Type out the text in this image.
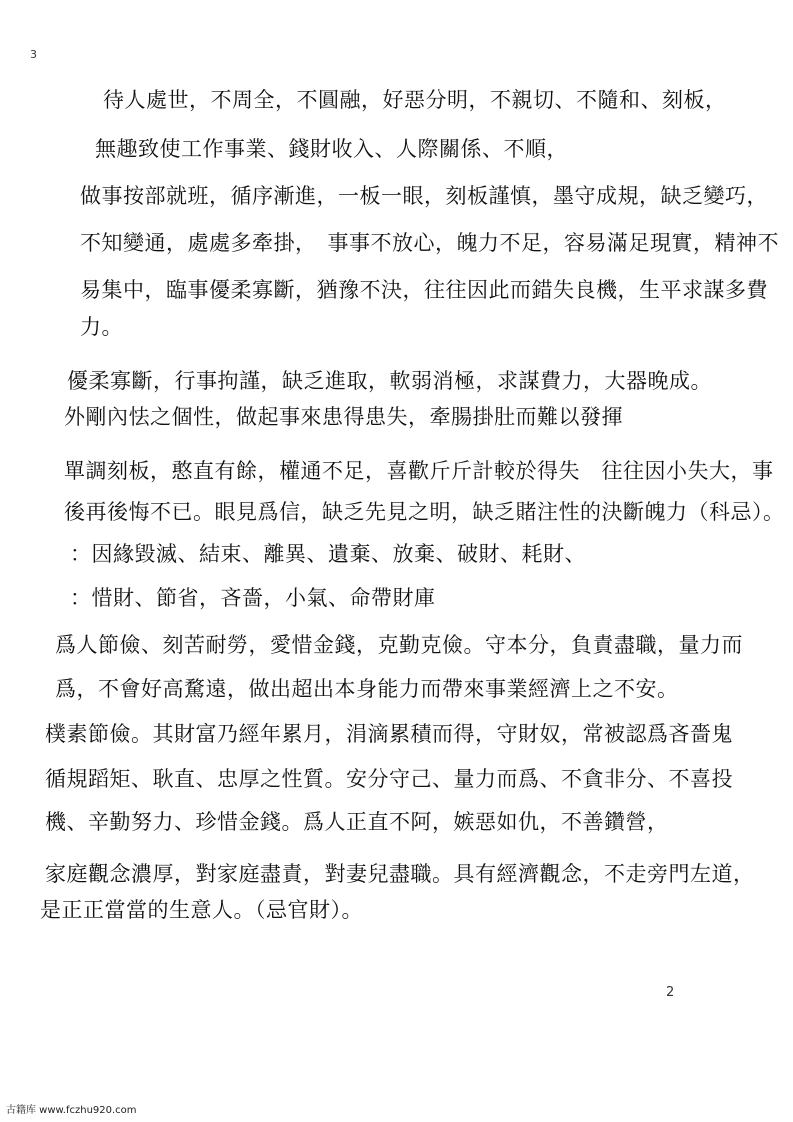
3
待人處世，不周全，不圓融，好惡分明，不親切、不隨和、刻板，
無趣致使工作事業、錢財收入、人際關係、不順，
做事按部就班，循序漸進，一板一眼，刻板謹慎，墨守成規，缺乏變巧，
不知變通，處處多牽掛，　事事不放心，魄力不足，容易滿足現實，精神不
易集中，臨事優柔寡斷，猶豫不決，往往因此而錯失良機，生平求謀多費
力。
優柔寡斷，行事拘謹，缺乏進取，軟弱消極，求謀費力，大器晚成。
外剛內怯之個性，做起事來患得患失，牽腸掛肚而難以發揮
單調刻板，憨直有餘，權通不足，喜歡斤斤計較於得失　往往因小失大，事
後再後悔不已。眼見爲信，缺乏先見之明，缺乏賭注性的決斷魄力（科忌）。
：因緣毀滅、結束、離異、遺棄、放棄、破財、耗財、
：惜財、節省，吝嗇，小氣、命帶財庫
爲人節儉、刻苦耐勞，愛惜金錢，克勤克儉。守本分，負責盡職，量力而
爲，不會好高騖遠，做出超出本身能力而帶來事業經濟上之不安。
樸素節儉。其財富乃經年累月，涓滴累積而得，守財奴，常被認爲吝嗇鬼
循規蹈矩、耿直、忠厚之性質。安分守己、量力而爲、不貪非分、不喜投
機、辛勤努力、珍惜金錢。爲人正直不阿，嫉惡如仇，不善鑽營，
家庭觀念濃厚，對家庭盡責，對妻兒盡職。具有經濟觀念，不走旁門左道，
是正正當當的生意人。（忌官財）。
2
古籍库 www.fczhu920.com
